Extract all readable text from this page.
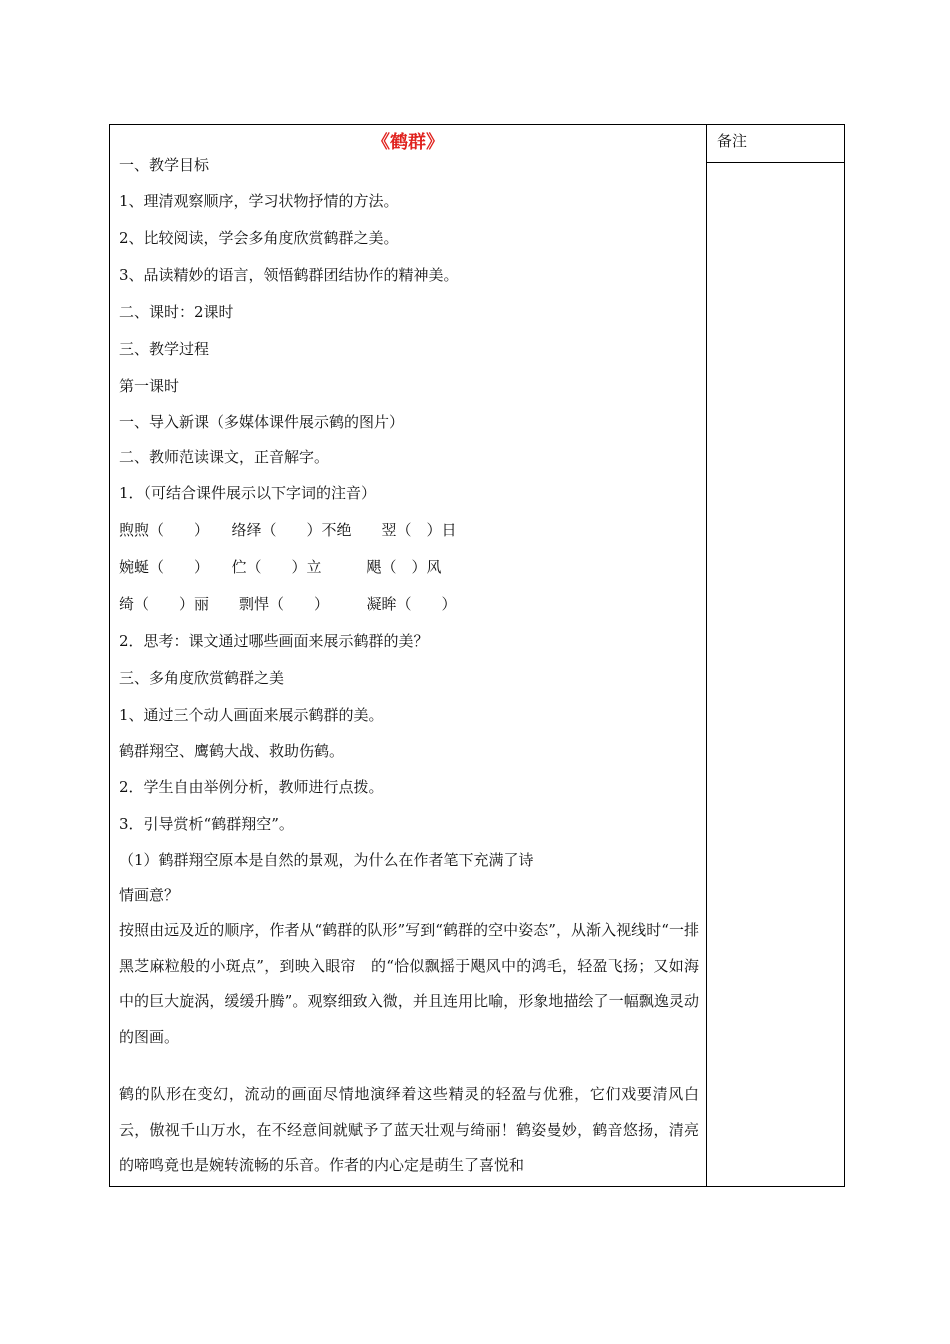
《鹤群》
一、教学目标
1、理清观察顺序，学习状物抒情的方法。
2、比较阅读，学会多角度欣赏鹤群之美。
3、品读精妙的语言，领悟鹤群团结协作的精神美。
二、课时：2课时
三、教学过程
第一课时
一、导入新课（多媒体课件展示鹤的图片）
二、教师范读课文，正音解字。
1．（可结合课件展示以下字词的注音）
煦煦（　　）　　络绎（　　）不绝　　翌（　）日
婉蜒（　　）　　伫（　　）立　　　飓（　）风
绮（　　）丽　　剽悍（　　）　　　凝眸（　　）
2．思考：课文通过哪些画面来展示鹤群的美？
三、多角度欣赏鹤群之美
1、通过三个动人画面来展示鹤群的美。
鹤群翔空、鹰鹤大战、救助伤鹤。
2．学生自由举例分析，教师进行点拨。
3．引导赏析“鹤群翔空”。
（1）鹤群翔空原本是自然的景观，为什么在作者笔下充满了诗
情画意？
按照由远及近的顺序，作者从“鹤群的队形”写到“鹤群的空中姿态”，从渐入视线时“一排黑芝麻粒般的小斑点”，到映入眼帘　的“恰似飘摇于飓风中的鸿毛，轻盈飞扬；又如海中的巨大旋涡，缓缓升腾”。观察细致入微，并且连用比喻，形象地描绘了一幅飘逸灵动的图画。
鹤的队形在变幻，流动的画面尽情地演绎着这些精灵的轻盈与优雅，它们戏要清风白云，傲视千山万水，在不经意间就赋予了蓝天壮观与绮丽！鹤姿曼妙，鹤音悠扬，清亮的啼鸣竟也是婉转流畅的乐音。作者的内心定是萌生了喜悦和
备注
